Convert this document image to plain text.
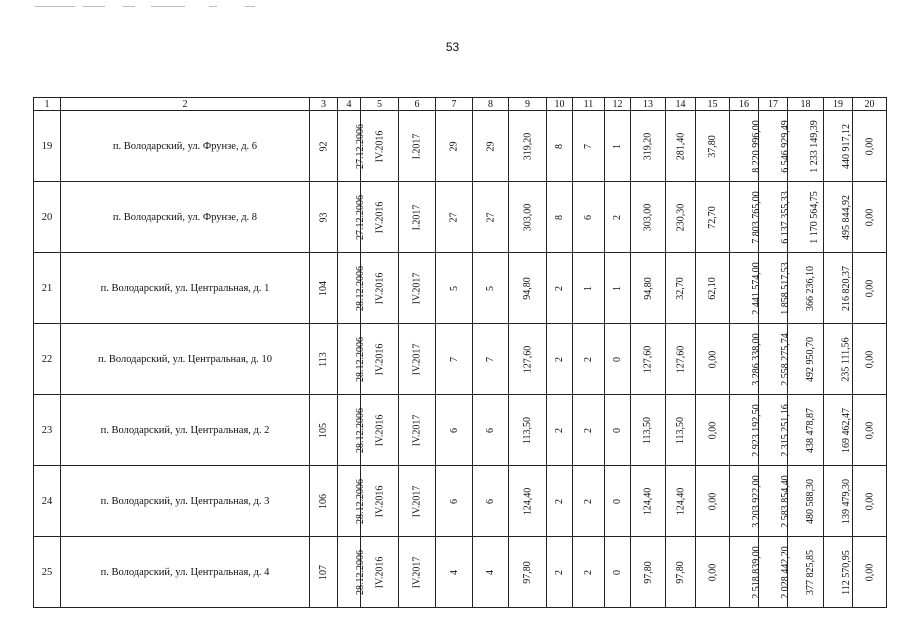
53
1	2	3	4	5	6	7	8	9	10	11	12	13	14	15	16	17	18	19	20
19	п. Володарский, ул. Фрунзе, д. 6	92	27.12.2006	IV.2016	I.2017	29	29	319,20	8	7	1	319,20	281,40	37,80	8 220 996,00	6 546 929,49	1 233 149,39	440 917,12	0,00
20	п. Володарский, ул. Фрунзе, д. 8	93	27.12.2006	IV.2016	I.2017	27	27	303,00	8	6	2	303,00	230,30	72,70	7 803 765,00	6 137 355,33	1 170 564,75	495 844,92	0,00
21	п. Володарский, ул. Центральная, д. 1	104	28.12.2006	IV.2016	IV.2017	5	5	94,80	2	1	1	94,80	32,70	62,10	2 441 574,00	1 858 517,53	366 236,10	216 820,37	0,00
22	п. Володарский, ул. Центральная, д. 10	113	28.12.2006	IV.2016	IV.2017	7	7	127,60	2	2	0	127,60	127,60	0,00	3 286 338,00	2 558 275,74	492 950,70	235 111,56	0,00
23	п. Володарский, ул. Центральная, д. 2	105	28.12.2006	IV.2016	IV.2017	6	6	113,50	2	2	0	113,50	113,50	0,00	2 923 192,50	2 315 251,16	438 478,87	169 462,47	0,00
24	п. Володарский, ул. Центральная, д. 3	106	28.12.2006	IV.2016	IV.2017	6	6	124,40	2	2	0	124,40	124,40	0,00	3 203 922,00	2 583 854,40	480 588,30	139 479,30	0,00
25	п. Володарский, ул. Центральная, д. 4	107	28.12.2006	IV.2016	IV.2017	4	4	97,80	2	2	0	97,80	97,80	0,00	2 518 839,00	2 028 442,20	377 825,85	112 570,95	0,00
